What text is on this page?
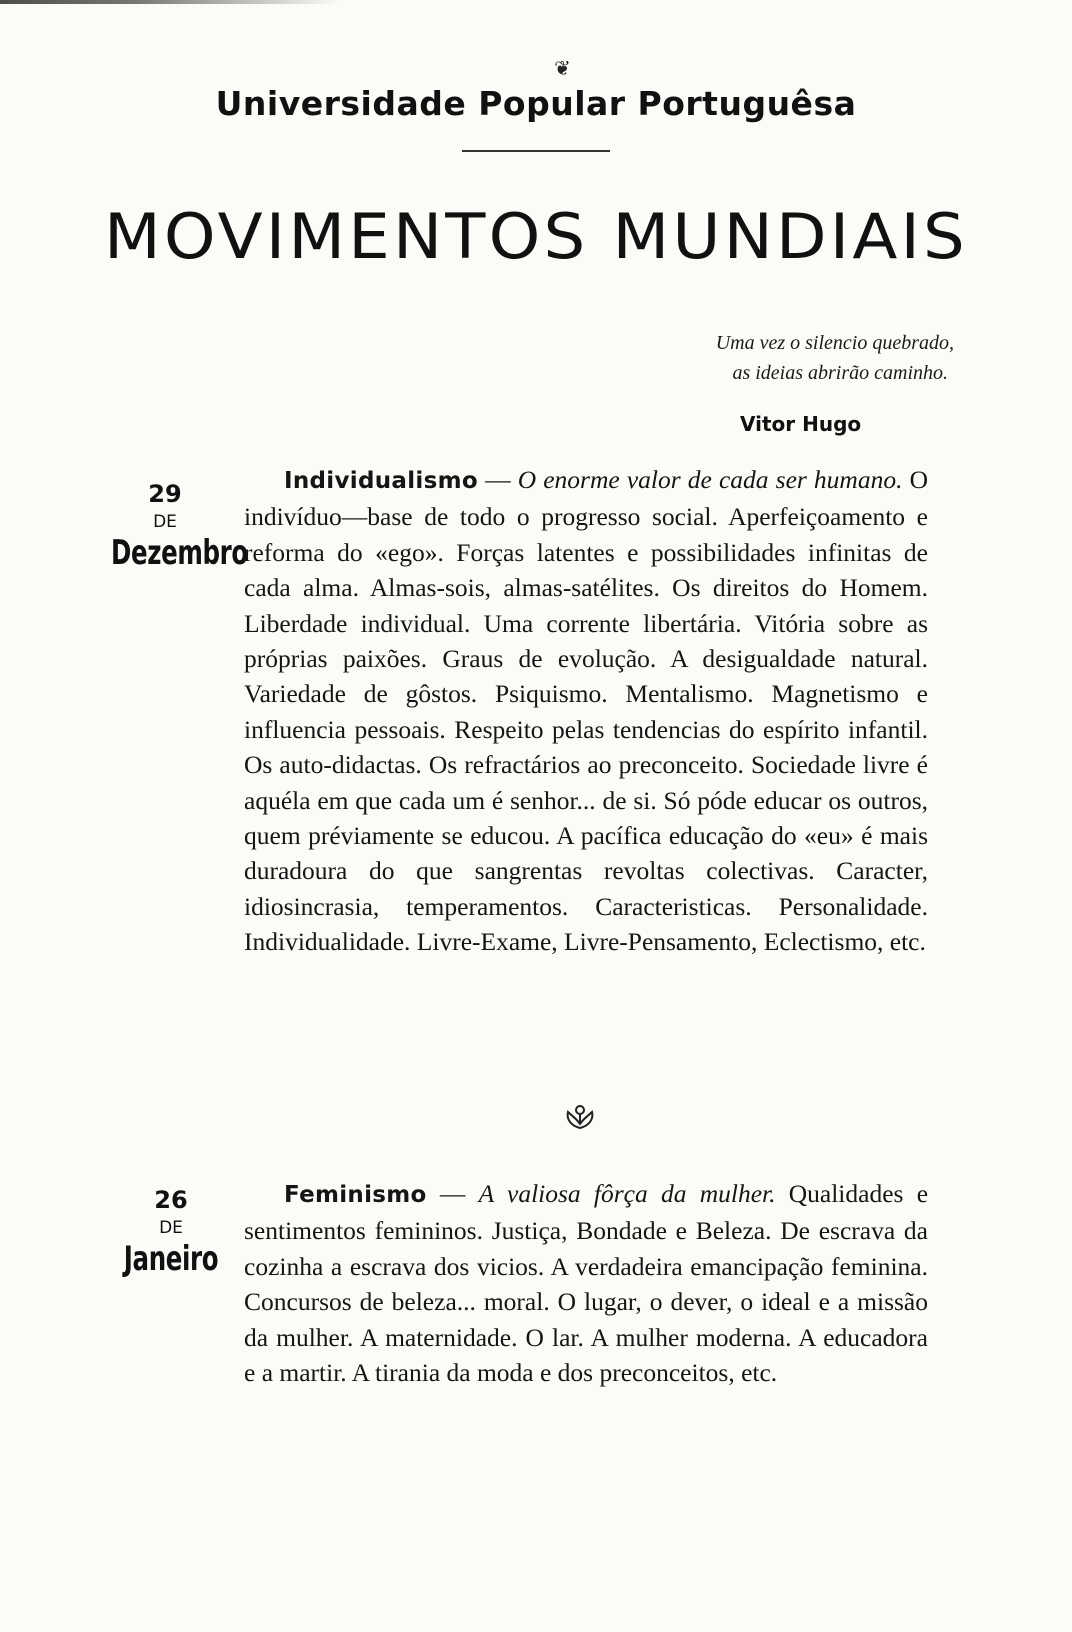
❦
Universidade Popular Portuguêsa
MOVIMENTOS MUNDIAIS
Uma vez o silencio quebrado,
as ideias abrirão caminho.
Vitor Hugo
29
DE
Dezembro
Individualismo — O enorme valor de cada ser humano. O indivíduo—base de todo o progresso social. Aperfeiçoamento e reforma do «ego». Forças latentes e possibilidades infinitas de cada alma. Almas-sois, almas-satélites. Os direitos do Homem. Liberdade individual. Uma corrente libertária. Vitória sobre as próprias paixões. Graus de evolução. A desigualdade natural. Variedade de gôstos. Psiquismo. Mentalismo. Magnetismo e influencia pessoais. Respeito pelas tendencias do espírito infantil. Os auto-didactas. Os refractários ao preconceito. Sociedade livre é aquéla em que cada um é senhor... de si. Só póde educar os outros, quem préviamente se educou. A pacífica educação do «eu» é mais duradoura do que sangrentas revoltas colectivas. Caracter, idiosincrasia, temperamentos. Caracteristicas. Personalidade. Individualidade. Livre-Exame, Livre-Pensamento, Eclectismo, etc.
26
DE
Janeiro
Feminismo — A valiosa fôrça da mulher. Qualidades e sentimentos femininos. Justiça, Bondade e Beleza. De escrava da cozinha a escrava dos vicios. A verdadeira emancipação feminina. Concursos de beleza... moral. O lugar, o dever, o ideal e a missão da mulher. A maternidade. O lar. A mulher moderna. A educadora e a martir. A tirania da moda e dos preconceitos, etc.
